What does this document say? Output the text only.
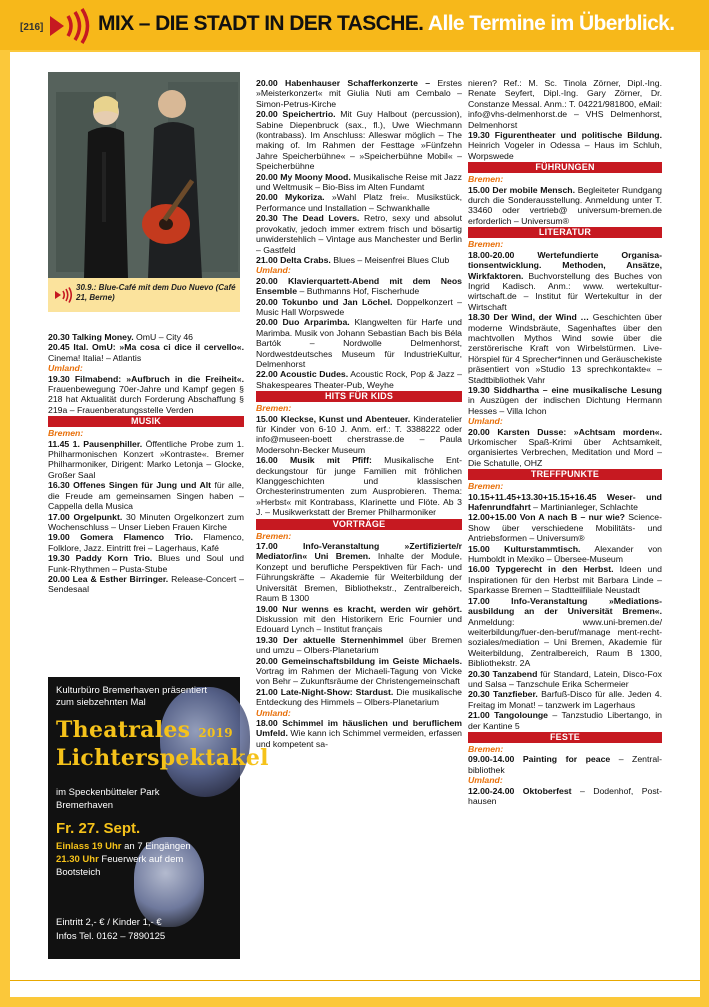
[216]	MIX – DIE STADT IN DER TASCHE. Alle Termine im Überblick.
30.9.: Blue-Café mit dem Duo Nuevo (Café 21, Berne)
20.30 Talking Money. OmU – City 46
20.45 Ital. OmU: »Ma cosa ci dice il cervello«. Cinema! Italia! – Atlantis
Umland:
19.30 Filmabend: »Aufbruch in die Freiheit«. Frauenbewegung 70er-Jahre und Kampf gegen § 218 hat Aktualität durch Forderung Abschaffung § 219a – Frauenberatungsstelle Verden
MUSIK
Bremen:
11.45 1. Pausenphiller. Öffentliche Probe zum 1. Philharmonischen Konzert »Kontraste«. Bremer Philharmoniker, Dirigent: Marko Letonja – Glocke, Großer Saal
16.30 Offenes Singen für Jung und Alt für alle, die Freude am gemeinsamen Singen haben – Cappella della Musica
17.00 Orgelpunkt. 30 Minuten Orgelkonzert zum Wochenschluss – Unser Lieben Frauen Kirche
19.00 Gomera Flamenco Trio. Flamenco, Folklore, Jazz. Eintritt frei – Lagerhaus, Kafé
19.30 Paddy Korn Trio. Blues und Soul und Funk-Rhythmen – Pusta-Stube
20.00 Lea & Esther Birringer. Release-Concert – Sendesaal
Kulturbüro Bremerhaven präsentiert
zum siebzehnten Mal
Theatrales 2019
Lichterspektakel
im Speckenbütteler Park
Bremerhaven
Fr. 27. Sept.
Einlass 19 Uhr an 7 Eingängen
21.30 Uhr Feuerwerk auf dem
Bootsteich
Eintritt 2,- € / Kinder 1,- €
Infos Tel. 0162 – 7890125
20.00 Habenhauser Schafferkonzerte – Erstes »Meisterkonzert« mit Giulia Nuti am Cembalo – Simon-Petrus-Kirche
20.00 Speichertrio. Mit Guy Halbout (percussion), Sabine Diepenbruck (sax., fl.), Uwe Wiechmann (kontrabass). Im Anschluss: Alleswar möglich – The making of. Im Rahmen der Festtage »Fünfzehn Jahre Speicherbühne« – »Speicherbühne Mobil« – Speicherbühne
20.00 My Moony Mood. Musikalische Reise mit Jazz und Weltmusik – Bio-Biss im Alten Fundamt
20.00 Mykoriza. »Wahl Platz frei«. Musikstück, Performance und Installation – Schwankhalle
20.30 The Dead Lovers. Retro, sexy und absolut provokativ, jedoch immer extrem frisch und bösartig unwiderstehlich – Vintage aus Manchester und Berlin – Gastfeld
21.00 Delta Crabs. Blues – Meisenfrei Blues Club
Umland:
20.00 Klavierquartett-Abend mit dem Neos Ensemble – Buthmanns Hof, Fischerhude
20.00 Tokunbo und Jan Löchel. Doppelkonzert – Music Hall Worpswede
20.00 Duo Arparimba. Klangwelten für Harfe und Marimba. Musik von Johann Sebastian Bach bis Béla Bartók – Nordwolle Delmenhorst, Nordwestdeutsches Museum für IndustrieKultur, Delmenhorst
22.00 Acoustic Dudes. Acoustic Rock, Pop & Jazz – Shakespeares Theater-Pub, Weyhe
HITS FÜR KIDS
Bremen:
15.00 Kleckse, Kunst und Abenteuer. Kinderatelier für Kinder von 6-10 J. Anm. erf.: T. 3388222 oder info@museen-boett cherstrasse.de – Paula Modersohn-Becker Museum
16.00 Musik mit Pfiff: Musikalische Entdeckungstour für junge Familien mit fröhlichen Klanggeschichten und klassischen Orchesterinstrumenten zum Ausprobieren. Thema: »Herbst« mit Kontrabass, Klarinette und Flöte. Ab 3 J. – Musikwerkstatt der Bremer Philharmoniker
VORTRÄGE
Bremen:
17.00 Info-Veranstaltung »Zertifizierte/r Mediator/in« Uni Bremen. Inhalte der Module, Konzept und berufliche Perspektiven für Fach- und Führungskräfte – Akademie für Weiterbildung der Universität Bremen, Bibliothekstr., Zentralbereich, Raum B 1300
19.00 Nur wenns es kracht, werden wir gehört. Diskussion mit den Historikern Eric Fournier und Edouard Lynch – Institut français
19.30 Der aktuelle Sternenhimmel über Bremen und umzu – Olbers-Planetarium
20.00 Gemeinschaftsbildung im Geiste Michaels. Vortrag im Rahmen der Michaeli-Tagung von Vicke von Behr – Zukunftsräume der Christengemeinschaft
21.00 Late-Night-Show: Stardust. Die musikalische Entdeckung des Himmels – Olbers-Planetarium
Umland:
18.00 Schimmel im häuslichen und beruflichem Umfeld. Wie kann ich Schimmel vermeiden, erfassen und kompetent sa-
nieren? Ref.: M. Sc. Tinola Zörner, Dipl.-Ing. Renate Seyfert, Dipl.-Ing. Gary Zörner, Dr. Constanze Messal. Anm.: T. 04221/981800, eMail: info@vhs-delmenhorst.de – VHS Delmenhorst, Delmenhorst
19.30 Figurentheater und politische Bildung. Heinrich Vogeler in Odessa – Haus im Schluh, Worpswede
FÜHRUNGEN
Bremen:
15.00 Der mobile Mensch. Begleiteter Rundgang durch die Sonderausstellung. Anmeldung unter T. 33460 oder vertrieb@ universum-bremen.de erforderlich – Universum®
LITERATUR
Bremen:
18.00-20.00 Wertefundierte Organisationsentwicklung. Methoden, Ansätze, Wirkfaktoren. Buchvorstellung des Buches von Ingrid Kadisch. Anm.: www. wertekultur-wirtschaft.de – Institut für Wertekultur in der Wirtschaft
18.30 Der Wind, der Wind … Geschichten über moderne Windsbräute, Sagenhaftes über den machtvollen Mythos Wind sowie über die zerstörerische Kraft von Wirbelstürmen. Live-Hörspiel für 4 Sprecher*innen und Geräuschekiste präsentiert von »Studio 13 sprechkontakte« – Stadtbibliothek Vahr
19.30 Siddhartha – eine musikalische Lesung in Auszügen der indischen Dichtung Hermann Hesses – Villa Ichon
Umland:
20.00 Karsten Dusse: »Achtsam morden«. Urkomischer Spaß-Krimi über Achtsamkeit, organisiertes Verbrechen, Meditation und Mord – Die Schatulle, OHZ
TREFFPUNKTE
Bremen:
10.15+11.45+13.30+15.15+16.45 Weser- und Hafenrundfahrt – Martinianleger, Schlachte
12.00+15.00 Von A nach B – nur wie? Science-Show über verschiedene Mobilitäts- und Antriebsformen – Universum®
15.00 Kulturstammtisch. Alexander von Humboldt in Mexiko – Übersee-Museum
16.00 Typgerecht in den Herbst. Ideen und Inspirationen für den Herbst mit Barbara Linde – Sparkasse Bremen – Stadtteilfiliale Neustadt
17.00 Info-Veranstaltung »Mediationsausbildung an der Universität Bremen«. Anmeldung: www.uni-bremen.de/ weiterbildung/fuer-den-beruf/manage ment-recht-soziales/mediation – Uni Bremen, Akademie für Weiterbildung, Zentralbereich, Raum B 1300, Bibliothekstr. 2A
20.30 Tanzabend für Standard, Latein, Disco-Fox und Salsa – Tanzschule Erika Schermeier
20.30 Tanzfieber. Barfuß-Disco für alle. Jeden 4. Freitag im Monat! – tanzwerk im Lagerhaus
21.00 Tangolounge – Tanzstudio Libertango, in der Kantine 5
FESTE
Bremen:
09.00-14.00 Painting for peace – Zentralbibliothek
Umland:
12.00-24.00 Oktoberfest – Dodenhof, Posthausen
